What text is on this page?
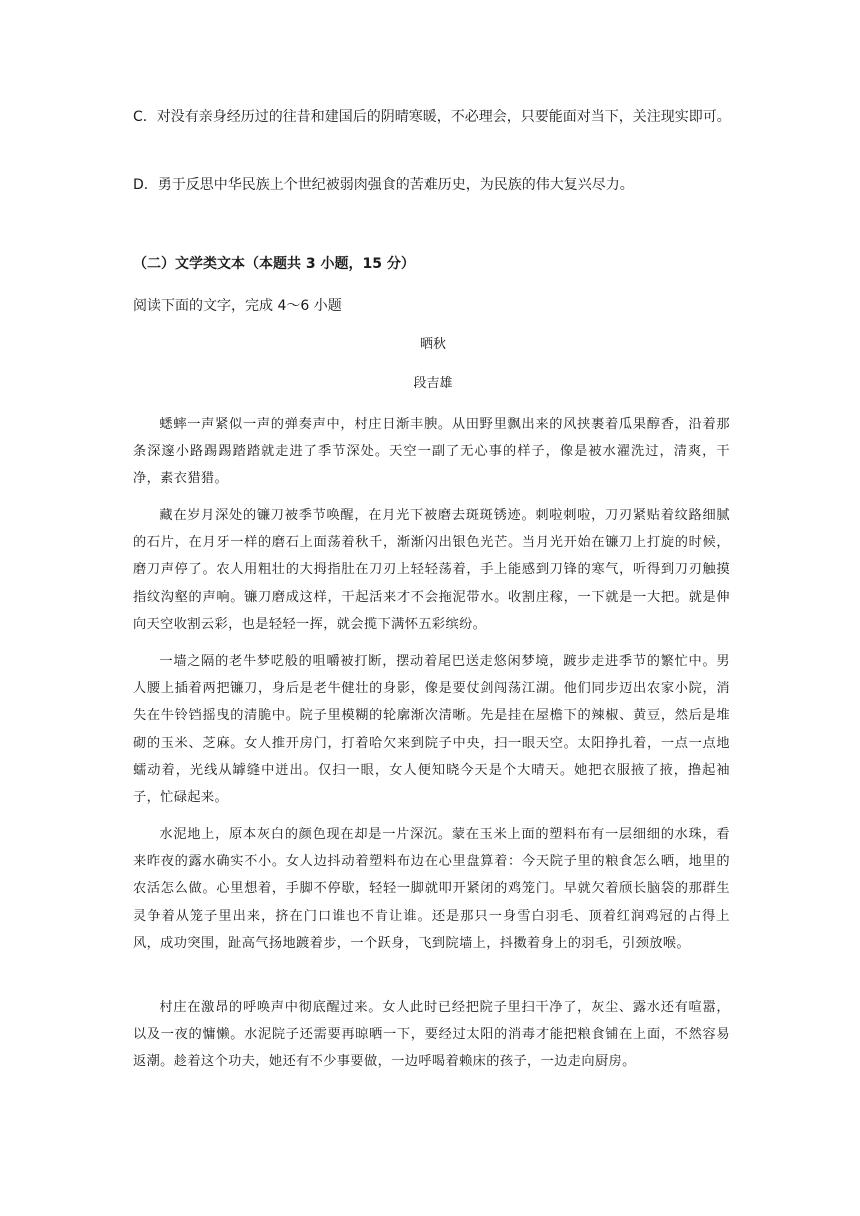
C．对没有亲身经历过的往昔和建国后的阴晴寒暖，不必理会，只要能面对当下，关注现实即可。

D．勇于反思中华民族上个世纪被弱肉强食的苦难历史，为民族的伟大复兴尽力。

（二）文学类文本（本题共 3 小题，15 分）

阅读下面的文字，完成 4～6 小题

晒秋

段吉雄

蟋蟀一声紧似一声的弹奏声中，村庄日渐丰腴。从田野里飘出来的风挟裹着瓜果醇香，沿着那条深邃小路踢踢踏踏就走进了季节深处。天空一副了无心事的样子，像是被水濯洗过，清爽，干净，素衣猎猎。

藏在岁月深处的镰刀被季节唤醒，在月光下被磨去斑斑锈迹。刺啦刺啦，刀刃紧贴着纹路细腻的石片，在月牙一样的磨石上面荡着秋千，渐渐闪出银色光芒。当月光开始在镰刀上打旋的时候，磨刀声停了。农人用粗壮的大拇指肚在刀刃上轻轻荡着，手上能感到刀锋的寒气，听得到刀刃触摸指纹沟壑的声响。镰刀磨成这样，干起活来才不会拖泥带水。收割庄稼，一下就是一大把。就是伸向天空收割云彩，也是轻轻一挥，就会揽下满怀五彩缤纷。

一墙之隔的老牛梦呓般的咀嚼被打断，摆动着尾巴送走悠闲梦境，踱步走进季节的繁忙中。男人腰上插着两把镰刀，身后是老牛健壮的身影，像是要仗剑闯荡江湖。他们同步迈出农家小院，消失在牛铃铛摇曳的清脆中。院子里模糊的轮廓渐次清晰。先是挂在屋檐下的辣椒、黄豆，然后是堆砌的玉米、芝麻。女人推开房门，打着哈欠来到院子中央，扫一眼天空。太阳挣扎着，一点一点地蠕动着，光线从罅缝中迸出。仅扫一眼，女人便知晓今天是个大晴天。她把衣服掖了掖，撸起袖子，忙碌起来。

水泥地上，原本灰白的颜色现在却是一片深沉。蒙在玉米上面的塑料布有一层细细的水珠，看来昨夜的露水确实不小。女人边抖动着塑料布边在心里盘算着：今天院子里的粮食怎么晒，地里的农活怎么做。心里想着，手脚不停歇，轻轻一脚就叩开紧闭的鸡笼门。早就欠着颀长脑袋的那群生灵争着从笼子里出来，挤在门口谁也不肯让谁。还是那只一身雪白羽毛、顶着红润鸡冠的占得上风，成功突围，趾高气扬地踱着步，一个跃身，飞到院墙上，抖擞着身上的羽毛，引颈放喉。

村庄在激昂的呼唤声中彻底醒过来。女人此时已经把院子里扫干净了，灰尘、露水还有喧嚣，以及一夜的慵懒。水泥院子还需要再晾晒一下，要经过太阳的消毒才能把粮食铺在上面，不然容易返潮。趁着这个功夫，她还有不少事要做，一边呼喝着赖床的孩子，一边走向厨房。
